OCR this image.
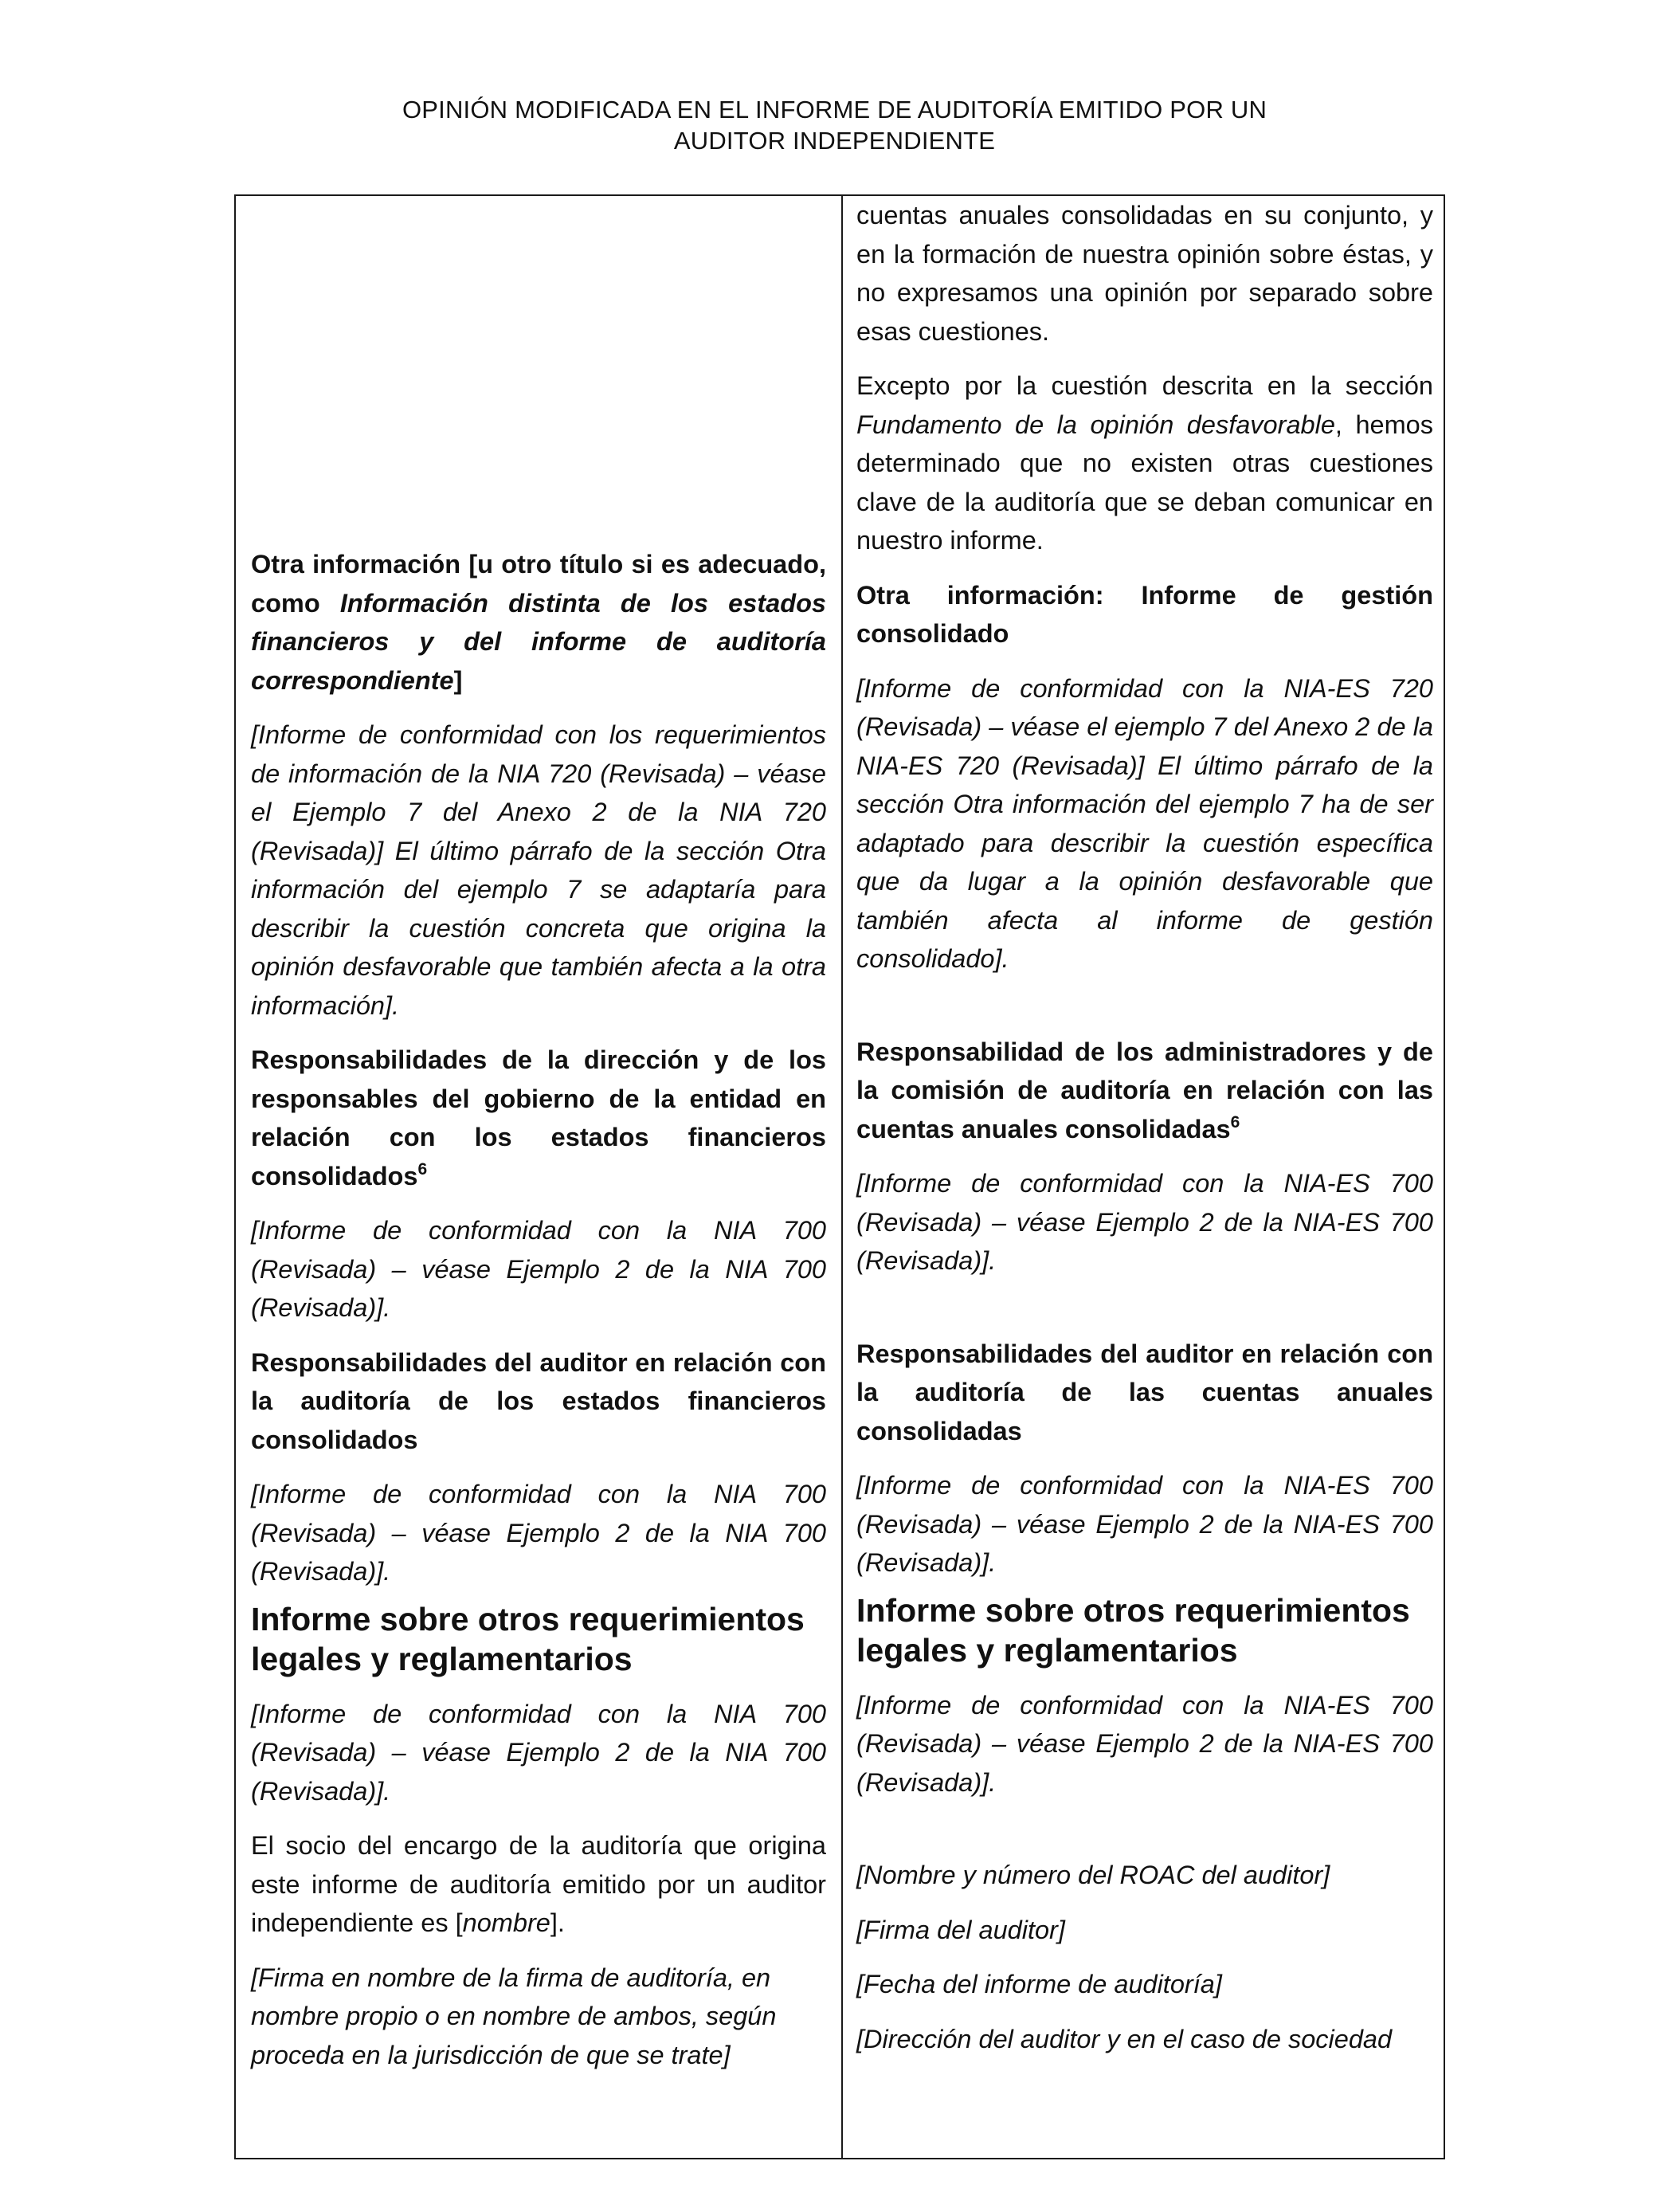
OPINIÓN MODIFICADA EN EL INFORME DE AUDITORÍA EMITIDO POR UN
AUDITOR INDEPENDIENTE

Otra información [u otro título si es adecuado, como Información distinta de los estados financieros y del informe de auditoría correspondiente]

[Informe de conformidad con los requerimientos de información de la NIA 720 (Revisada) – véase el Ejemplo 7 del Anexo 2 de la NIA 720 (Revisada)] El último párrafo de la sección Otra información del ejemplo 7 se adaptaría para describir la cuestión concreta que origina la opinión desfavorable que también afecta a la otra información].

Responsabilidades de la dirección y de los responsables del gobierno de la entidad en relación con los estados financieros consolidados$^6$

[Informe de conformidad con la NIA 700 (Revisada) – véase Ejemplo 2 de la NIA 700 (Revisada)].

Responsabilidades del auditor en relación con la auditoría de los estados financieros consolidados

[Informe de conformidad con la NIA 700 (Revisada) – véase Ejemplo 2 de la NIA 700 (Revisada)].

Informe sobre otros requerimientos legales y reglamentarios

[Informe de conformidad con la NIA 700 (Revisada) – véase Ejemplo 2 de la NIA 700 (Revisada)].

El socio del encargo de la auditoría que origina este informe de auditoría emitido por un auditor independiente es [nombre].

[Firma en nombre de la firma de auditoría, en nombre propio o en nombre de ambos, según proceda en la jurisdicción de que se trate]

cuentas anuales consolidadas en su conjunto, y en la formación de nuestra opinión sobre éstas, y no expresamos una opinión por separado sobre esas cuestiones.

Excepto por la cuestión descrita en la sección Fundamento de la opinión desfavorable, hemos determinado que no existen otras cuestiones clave de la auditoría que se deban comunicar en nuestro informe.

Otra información: Informe de gestión consolidado

[Informe de conformidad con la NIA-ES 720 (Revisada) – véase el ejemplo 7 del Anexo 2 de la NIA-ES 720 (Revisada)] El último párrafo de la sección Otra información del ejemplo 7 ha de ser adaptado para describir la cuestión específica que da lugar a la opinión desfavorable que también afecta al informe de gestión consolidado].

Responsabilidad de los administradores y de la comisión de auditoría en relación con las cuentas anuales consolidadas$^6$

[Informe de conformidad con la NIA-ES 700 (Revisada) – véase Ejemplo 2 de la NIA-ES 700 (Revisada)].

Responsabilidades del auditor en relación con la auditoría de las cuentas anuales consolidadas

[Informe de conformidad con la NIA-ES 700 (Revisada) – véase Ejemplo 2 de la NIA-ES 700 (Revisada)].

Informe sobre otros requerimientos legales y reglamentarios

[Informe de conformidad con la NIA-ES 700 (Revisada) – véase Ejemplo 2 de la NIA-ES 700 (Revisada)].

[Nombre y número del ROAC del auditor]

[Firma del auditor]

[Fecha del informe de auditoría]

[Dirección del auditor y en el caso de sociedad
